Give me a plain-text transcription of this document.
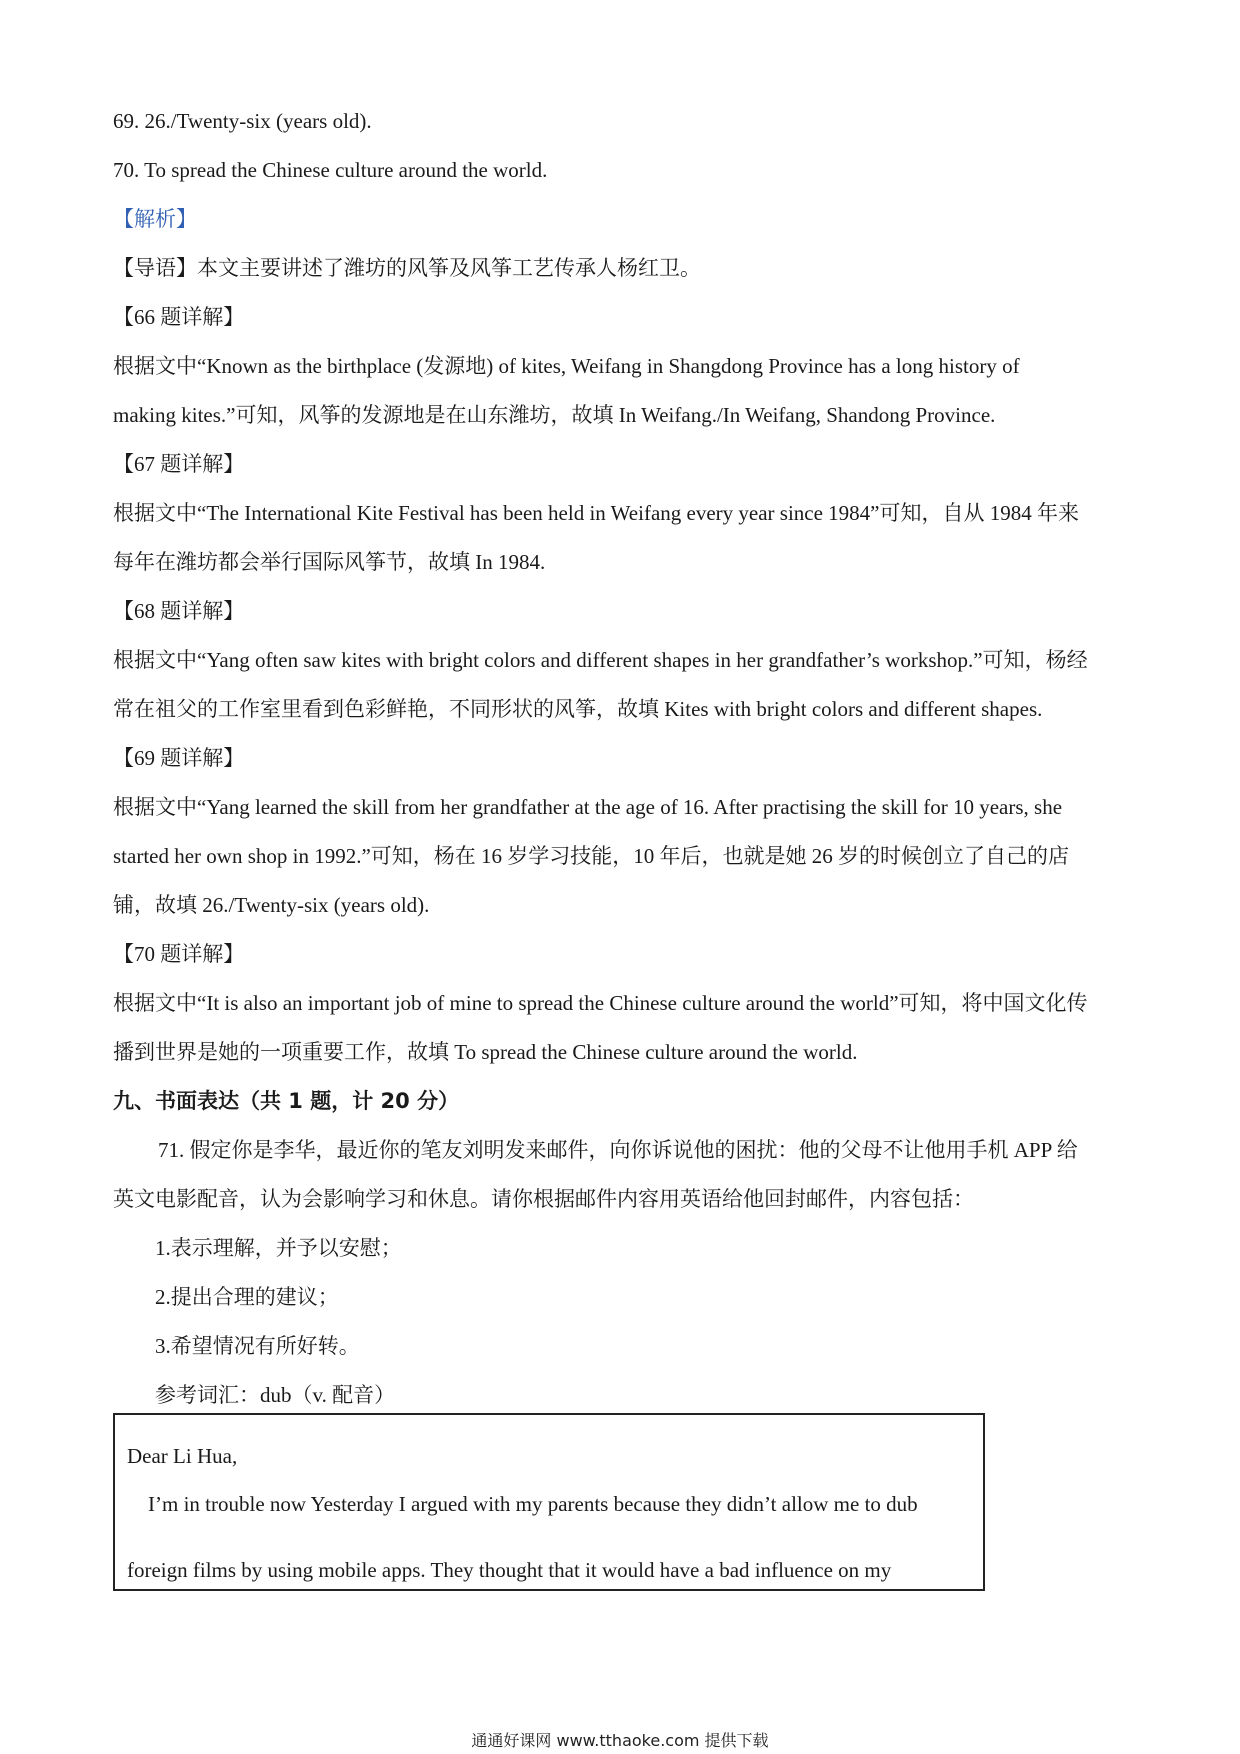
69. 26./Twenty-six (years old).
70. To spread the Chinese culture around the world.
【解析】
【导语】本文主要讲述了潍坊的风筝及风筝工艺传承人杨红卫。
【66 题详解】
根据文中“Known as the birthplace (发源地) of kites, Weifang in Shangdong Province has a long history of
making kites.”可知，风筝的发源地是在山东潍坊，故填 In Weifang./In Weifang, Shandong Province.
【67 题详解】
根据文中“The International Kite Festival has been held in Weifang every year since 1984”可知，自从 1984 年来
每年在潍坊都会举行国际风筝节，故填 In 1984.
【68 题详解】
根据文中“Yang often saw kites with bright colors and different shapes in her grandfather’s workshop.”可知，杨经
常在祖父的工作室里看到色彩鲜艳，不同形状的风筝，故填 Kites with bright colors and different shapes.
【69 题详解】
根据文中“Yang learned the skill from her grandfather at the age of 16. After practising the skill for 10 years, she
started her own shop in 1992.”可知，杨在 16 岁学习技能，10 年后，也就是她 26 岁的时候创立了自己的店
铺，故填 26./Twenty-six (years old).
【70 题详解】
根据文中“It is also an important job of mine to spread the Chinese culture around the world”可知，将中国文化传
播到世界是她的一项重要工作，故填 To spread the Chinese culture around the world.
九、书面表达（共 1 题，计 20 分）
71. 假定你是李华，最近你的笔友刘明发来邮件，向你诉说他的困扰：他的父母不让他用手机 APP 给
英文电影配音，认为会影响学习和休息。请你根据邮件内容用英语给他回封邮件，内容包括：
1.表示理解，并予以安慰；
2.提出合理的建议；
3.希望情况有所好转。
参考词汇：dub（v. 配音）
Dear Li Hua,
I’m in trouble now Yesterday I argued with my parents because they didn’t allow me to dub
foreign films by using mobile apps. They thought that it would have a bad influence on my
通通好课网 www.tthaoke.com 提供下载
